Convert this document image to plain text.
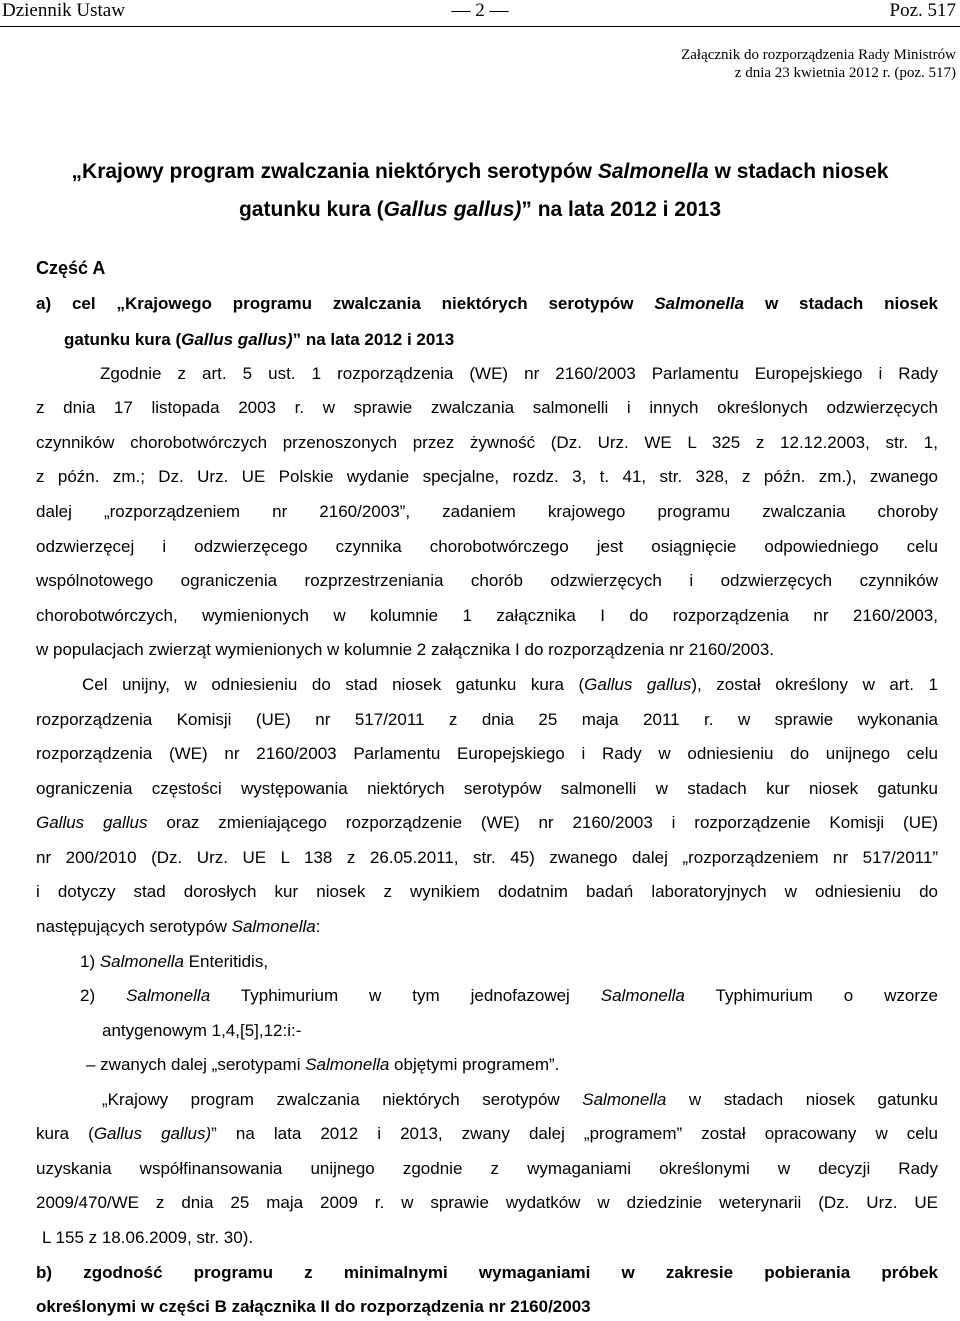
Dziennik Ustaw	— 2 —	Poz. 517
Załącznik do rozporządzenia Rady Ministrów
z dnia 23 kwietnia 2012 r. (poz. 517)
„Krajowy program zwalczania niektórych serotypów Salmonella w stadach niosek
gatunku kura (Gallus gallus)” na lata 2012 i 2013
Część A
a) cel „Krajowego programu zwalczania niektórych serotypów Salmonella w stadach niosek
gatunku kura (Gallus gallus)” na lata 2012 i 2013
Zgodnie z art. 5 ust. 1 rozporządzenia (WE) nr 2160/2003 Parlamentu Europejskiego i Rady
z dnia 17 listopada 2003 r. w sprawie zwalczania salmonelli i innych określonych odzwierzęcych
czynników chorobotwórczych przenoszonych przez żywność (Dz. Urz. WE L 325 z 12.12.2003, str. 1,
z późn. zm.; Dz. Urz. UE Polskie wydanie specjalne, rozdz. 3, t. 41, str. 328, z późn. zm.), zwanego
dalej „rozporządzeniem nr 2160/2003”, zadaniem krajowego programu zwalczania choroby
odzwierzęcej i odzwierzęcego czynnika chorobotwórczego jest osiągnięcie odpowiedniego celu
wspólnotowego ograniczenia rozprzestrzeniania chorób odzwierzęcych i odzwierzęcych czynników
chorobotwórczych, wymienionych w kolumnie 1 załącznika I do rozporządzenia nr 2160/2003,
w populacjach zwierząt wymienionych w kolumnie 2 załącznika I do rozporządzenia nr 2160/2003.
Cel unijny, w odniesieniu do stad niosek gatunku kura (Gallus gallus), został określony w art. 1
rozporządzenia Komisji (UE) nr 517/2011 z dnia 25 maja 2011 r. w sprawie wykonania
rozporządzenia (WE) nr 2160/2003 Parlamentu Europejskiego i Rady w odniesieniu do unijnego celu
ograniczenia częstości występowania niektórych serotypów salmonelli w stadach kur niosek gatunku
Gallus gallus oraz zmieniającego rozporządzenie (WE) nr 2160/2003 i rozporządzenie Komisji (UE)
nr 200/2010 (Dz. Urz. UE L 138 z 26.05.2011, str. 45) zwanego dalej „rozporządzeniem nr 517/2011”
i dotyczy stad dorosłych kur niosek z wynikiem dodatnim badań laboratoryjnych w odniesieniu do
następujących serotypów Salmonella:
1) Salmonella Enteritidis,
2) Salmonella Typhimurium w tym jednofazowej Salmonella Typhimurium o wzorze
antygenowym 1,4,[5],12:i:-
– zwanych dalej „serotypami Salmonella objętymi programem”.
„Krajowy program zwalczania niektórych serotypów Salmonella w stadach niosek gatunku
kura (Gallus gallus)” na lata 2012 i 2013, zwany dalej „programem” został opracowany w celu
uzyskania współfinansowania unijnego zgodnie z wymaganiami określonymi w decyzji Rady
2009/470/WE z dnia 25 maja 2009 r. w sprawie wydatków w dziedzinie weterynarii (Dz. Urz. UE
L 155 z 18.06.2009, str. 30).
b) zgodność programu z minimalnymi wymaganiami w zakresie pobierania próbek
określonymi w części B załącznika II do rozporządzenia nr 2160/2003
